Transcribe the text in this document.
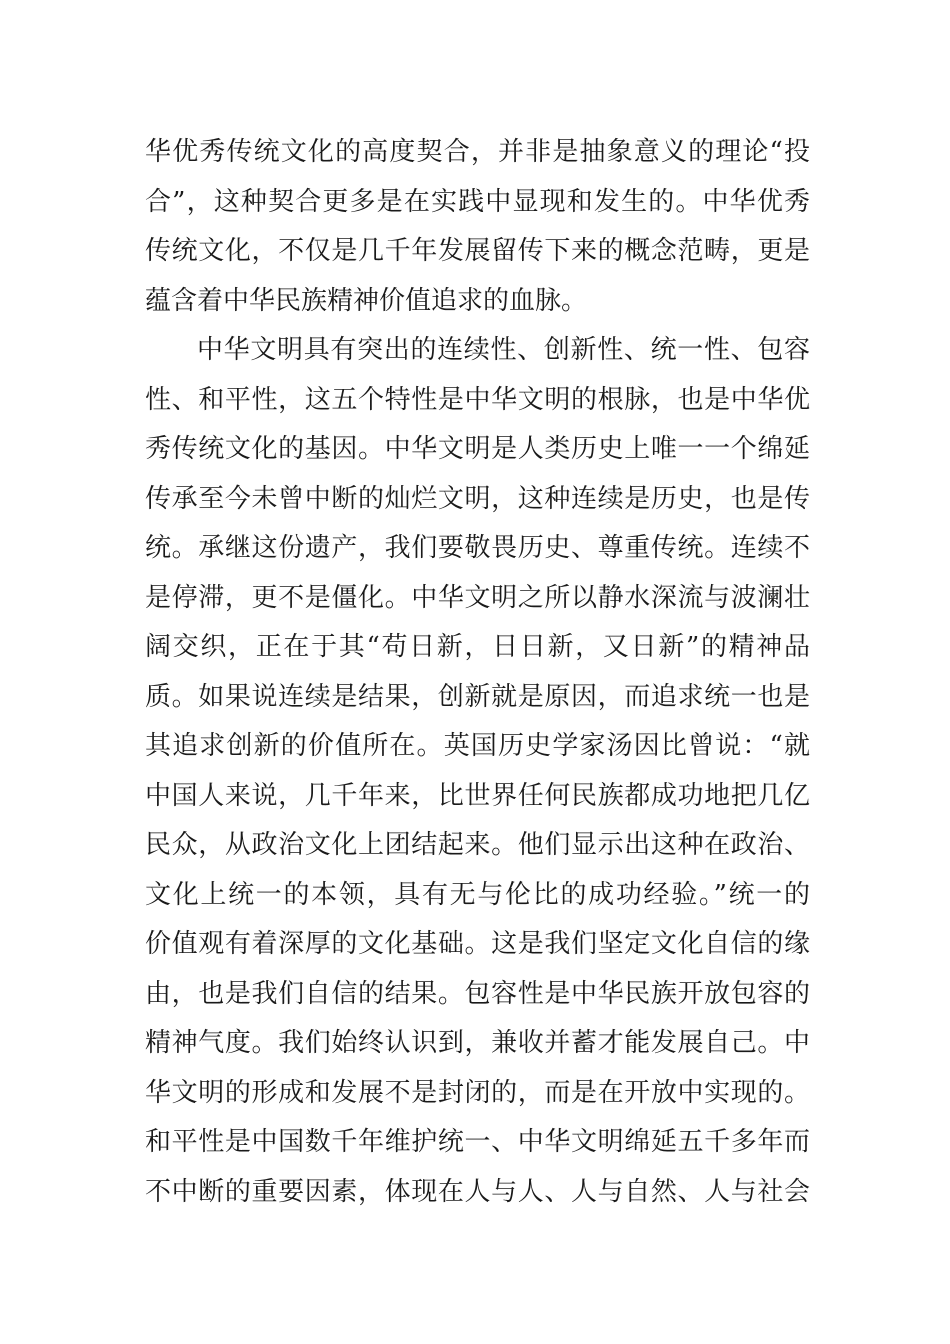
华优秀传统文化的高度契合，并非是抽象意义的理论“投
合”，这种契合更多是在实践中显现和发生的。中华优秀
传统文化，不仅是几千年发展留传下来的概念范畴，更是
蕴含着中华民族精神价值追求的血脉。
中华文明具有突出的连续性、创新性、统一性、包容
性、和平性，这五个特性是中华文明的根脉，也是中华优
秀传统文化的基因。中华文明是人类历史上唯一一个绵延
传承至今未曾中断的灿烂文明，这种连续是历史，也是传
统。承继这份遗产，我们要敬畏历史、尊重传统。连续不
是停滞，更不是僵化。中华文明之所以静水深流与波澜壮
阔交织，正在于其“苟日新，日日新，又日新”的精神品
质。如果说连续是结果，创新就是原因，而追求统一也是
其追求创新的价值所在。英国历史学家汤因比曾说：“就
中国人来说，几千年来，比世界任何民族都成功地把几亿
民众，从政治文化上团结起来。他们显示出这种在政治、
文化上统一的本领，具有无与伦比的成功经验。”统一的
价值观有着深厚的文化基础。这是我们坚定文化自信的缘
由，也是我们自信的结果。包容性是中华民族开放包容的
精神气度。我们始终认识到，兼收并蓄才能发展自己。中
华文明的形成和发展不是封闭的，而是在开放中实现的。
和平性是中国数千年维护统一、中华文明绵延五千多年而
不中断的重要因素，体现在人与人、人与自然、人与社会
